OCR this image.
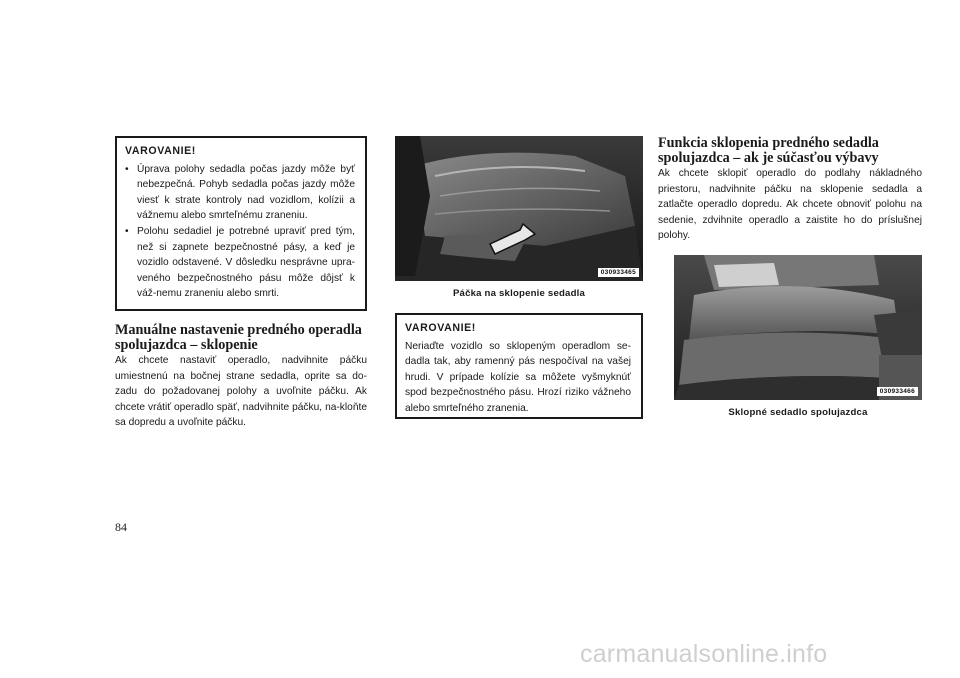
VAROVANIE!
• Úprava polohy sedadla počas jazdy môže byť nebezpečná. Pohyb sedadla počas jazdy môže viesť k strate kontroly nad vozidlom, kolízii a vážnemu alebo smrteľnému zraneniu.
• Polohu sedadiel je potrebné upraviť pred tým, než si zapnete bezpečnostné pásy, a keď je vozidlo odstavené. V dôsledku nesprávne upra-veného bezpečnostného pásu môže dôjsť k váž-nemu zraneniu alebo smrti.
Manuálne nastavenie predného operadla spolujazdca – sklopenie

Ak chcete nastaviť operadlo, nadvihnite páčku umiestnenú na bočnej strane sedadla, oprite sa do-zadu do požadovanej polohy a uvoľnite páčku. Ak chcete vrátiť operadlo späť, nadvihnite páčku, na-kloňte sa dopredu a uvoľnite páčku.

030933465
Páčka na sklopenie sedadla
VAROVANIE!

Neriaďte vozidlo so sklopeným operadlom se-dadla tak, aby ramenný pás nespočíval na vašej hrudi. V prípade kolízie sa môžete vyšmyknúť spod bezpečnostného pásu. Hrozí riziko vážneho alebo smrteľného zranenia.

Funkcia sklopenia predného sedadla spolujazdca – ak je súčasťou výbavy

Ak chcete sklopiť operadlo do podlahy nákladného priestoru, nadvihnite páčku na sklopenie sedadla a zatlačte operadlo dopredu. Ak chcete obnoviť polohu na sedenie, zdvihnite operadlo a zaistite ho do príslušnej polohy.

030933466
Sklopné sedadlo spolujazdca
84
carmanualsonline.info
